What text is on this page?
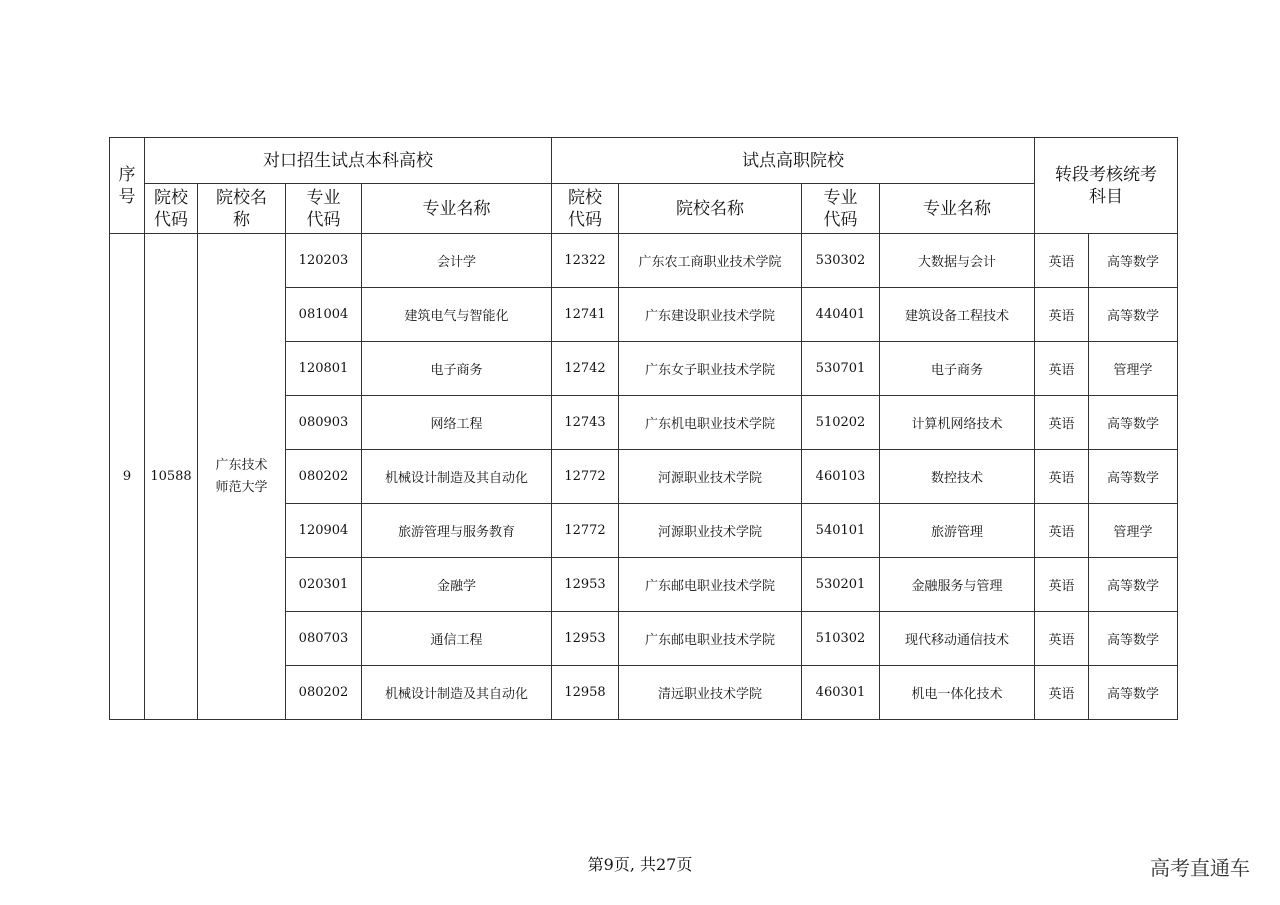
序号	对口招生试点本科高校				试点高职院校				转段考核统考科目	

	院校代码	院校名称	专业代码	专业名称	院校代码	院校名称	专业代码	专业名称		
9	10588	广东技术师范大学	120203	会计学	12322	广东农工商职业技术学院	530302	大数据与会计	英语	高等数学
			081004	建筑电气与智能化	12741	广东建设职业技术学院	440401	建筑设备工程技术	英语	高等数学
			120801	电子商务	12742	广东女子职业技术学院	530701	电子商务	英语	管理学
			080903	网络工程	12743	广东机电职业技术学院	510202	计算机网络技术	英语	高等数学
			080202	机械设计制造及其自动化	12772	河源职业技术学院	460103	数控技术	英语	高等数学
			120904	旅游管理与服务教育	12772	河源职业技术学院	540101	旅游管理	英语	管理学
			020301	金融学	12953	广东邮电职业技术学院	530201	金融服务与管理	英语	高等数学
			080703	通信工程	12953	广东邮电职业技术学院	510302	现代移动通信技术	英语	高等数学
			080202	机械设计制造及其自动化	12958	清远职业技术学院	460301	机电一体化技术	英语	高等数学
第9页, 共27页	高考直通车
